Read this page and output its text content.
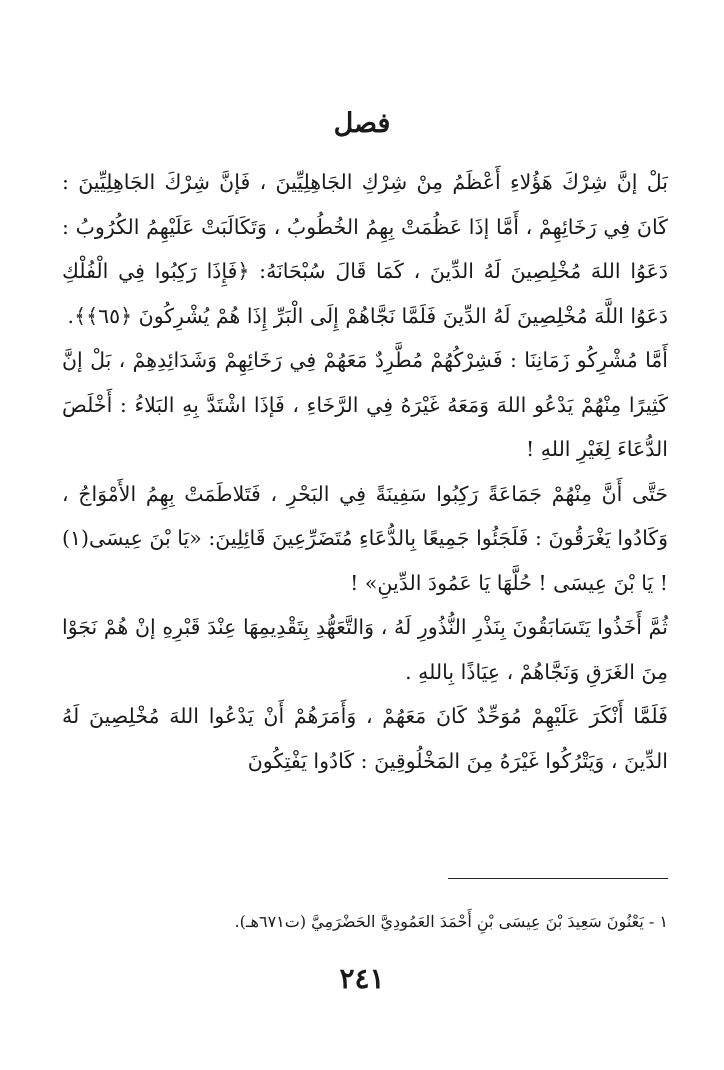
فصل

بَلْ إنَّ شِرْكَ هَؤُلاءِ أَعْظَمُ مِنْ شِرْكِ الجَاهِلِيِّينَ ، فَإنَّ شِرْكَ الجَاهِلِيِّينَ : كَانَ فِي رَخَائِهِمْ ، أَمَّا إذَا عَظُمَتْ بِهِمُ الخُطُوبُ ، وَتَكَالَبَتْ عَلَيْهِمُ الكُرُوبُ : دَعَوُا اللهَ مُخْلِصِينَ لَهُ الدِّينَ ، كَمَا قَالَ سُبْحَانَهُ: ﴿فَإِذَا رَكِبُوا فِي الْفُلْكِ دَعَوُا اللَّهَ مُخْلِصِينَ لَهُ الدِّينَ فَلَمَّا نَجَّاهُمْ إِلَى الْبَرِّ إِذَا هُمْ يُشْرِكُونَ ﴿٦٥﴾﴾.

أَمَّا مُشْرِكُو زَمَانِنَا : فَشِرْكُهُمْ مُطَّرِدٌ مَعَهُمْ فِي رَخَائِهِمْ وَشَدَائِدِهِمْ ، بَلْ إنَّ كَثِيرًا مِنْهُمْ يَدْعُو اللهَ وَمَعَهُ غَيْرَهُ فِي الرَّخَاءِ ، فَإذَا اشْتَدَّ بِهِ البَلاءُ : أَخْلَصَ الدُّعَاءَ لِغَيْرِ اللهِ !

حَتَّى أَنَّ مِنْهُمْ جَمَاعَةً رَكِبُوا سَفِينَةً فِي البَحْرِ ، فَتَلاطَمَتْ بِهِمُ الأَمْوَاجُ ، وَكَادُوا يَغْرَقُونَ : فَلَجَئُوا جَمِيعًا بِالدُّعَاءِ مُتَضَرِّعِينَ قَائِلِينَ: «يَا بْنَ عِيسَى(١) ! يَا بْنَ عِيسَى ! حُلَّهَا يَا عَمُودَ الدِّينِ» !

ثُمَّ أَخَذُوا يَتَسَابَقُونَ بِنَذْرِ النُّذُورِ لَهُ ، وَالتَّعَهُّدِ بِتَقْدِيمِهَا عِنْدَ قَبْرِهِ إنْ هُمْ نَجَوْا مِنَ الغَرَقِ وَنَجَّاهُمْ ، عِيَاذًا بِاللهِ .

فَلَمَّا أَنْكَرَ عَلَيْهِمْ مُوَحِّدٌ كَانَ مَعَهُمْ ، وَأَمَرَهُمْ أَنْ يَدْعُوا اللهَ مُخْلِصِينَ لَهُ الدِّينَ ، وَيَتْرُكُوا غَيْرَهُ مِنَ المَخْلُوقِينَ : كَادُوا يَفْتِكُونَ

١ - يَعْنُونَ سَعِيدَ بْنَ عِيسَى بْنِ أَحْمَدَ العَمُودِيَّ الحَضْرَمِيَّ (ت٦٧١هـ).
٢٤١
